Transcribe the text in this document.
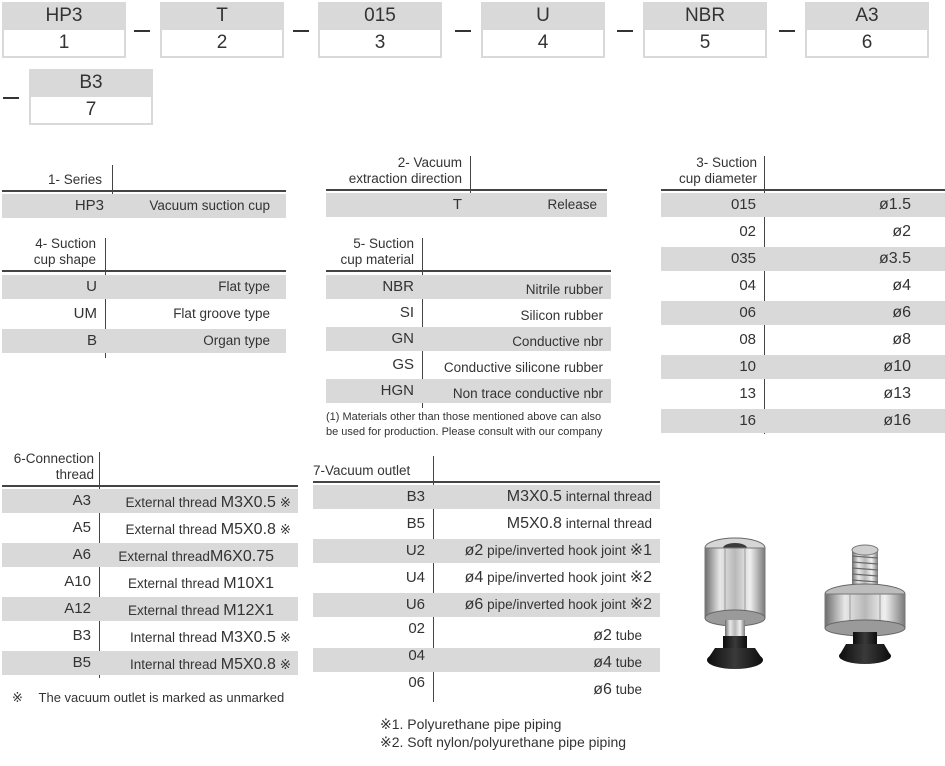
HP3
1
T
2
015
3
U
4
NBR
5
A3
6
B3
7
1- Series
HP3	Vacuum suction cup
2- Vacuum
extraction direction
T	Release
3- Suction
cup diameter
015	ø1.5
02	ø2
035	ø3.5
04	ø4
06	ø6
08	ø8
10	ø10
13	ø13
16	ø16
4- Suction
cup shape
U	Flat type
UM	Flat groove type
B	Organ type
5- Suction
cup material
NBR	Nitrile rubber
SI	Silicon rubber
GN	Conductive nbr
GS	Conductive silicone rubber
HGN	Non trace conductive nbr
(1) Materials other than those mentioned above can also
be used for production. Please consult with our company
6-Connection
thread
A3	External thread M3X0.5 ※
A5	External thread M5X0.8 ※
A6	External threadM6X0.75
A10	External thread M10X1
A12	External thread M12X1
B3	Internal thread M3X0.5 ※
B5	Internal thread M5X0.8 ※
※ The vacuum outlet is marked as unmarked
7-Vacuum outlet
B3	M3X0.5 internal thread
B5	M5X0.8 internal thread
U2	ø2 pipe/inverted hook joint ※1
U4	ø4 pipe/inverted hook joint ※2
U6	ø6 pipe/inverted hook joint ※2
02	ø2 tube
04	ø4 tube
06	ø6 tube
※1. Polyurethane pipe piping
※2. Soft nylon/polyurethane pipe piping
